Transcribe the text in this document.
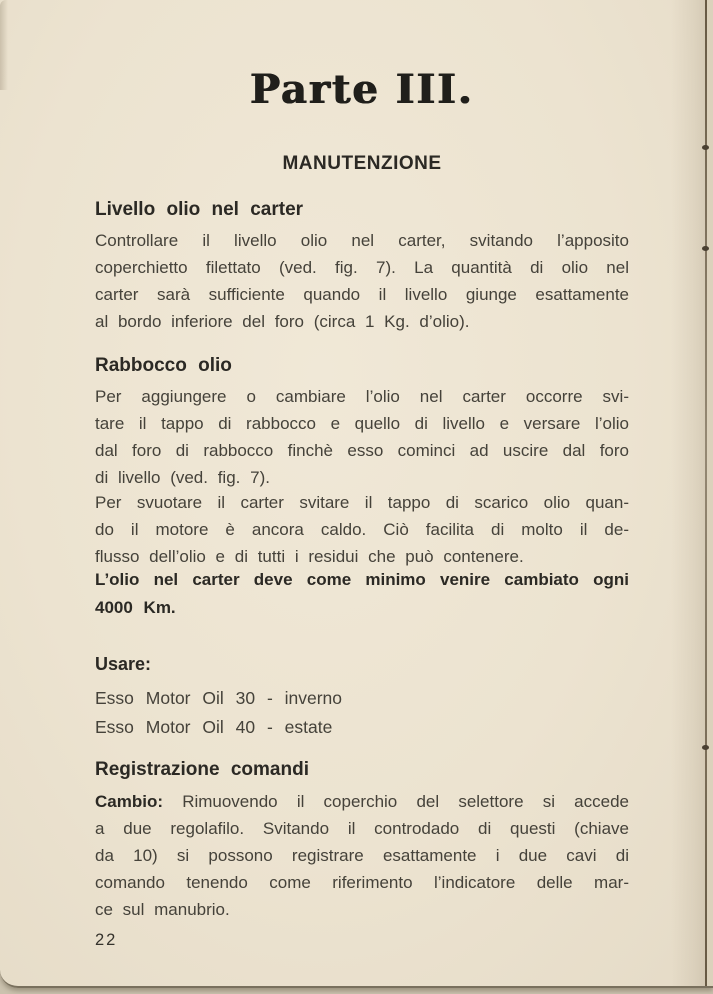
Parte III.
MANUTENZIONE
Livello olio nel carter
Controllare il livello olio nel carter, svitando l’apposito
coperchietto filettato (ved. fig. 7). La quantità di olio nel
carter sarà sufficiente quando il livello giunge esattamente
al bordo inferiore del foro (circa 1 Kg. d’olio).
Rabbocco olio
Per aggiungere o cambiare l’olio nel carter occorre svi-
tare il tappo di rabbocco e quello di livello e versare l’olio
dal foro di rabbocco finchè esso cominci ad uscire dal foro
di livello (ved. fig. 7).
Per svuotare il carter svitare il tappo di scarico olio quan-
do il motore è ancora caldo. Ciò facilita di molto il de-
flusso dell’olio e di tutti i residui che può contenere.
L’olio nel carter deve come minimo venire cambiato ogni
4000 Km.
Usare:
Esso Motor Oil 30 - inverno
Esso Motor Oil 40 - estate
Registrazione comandi
Cambio: Rimuovendo il coperchio del selettore si accede
a due regolafilo. Svitando il controdado di questi (chiave
da 10) si possono registrare esattamente i due cavi di
comando tenendo come riferimento l’indicatore delle mar-
ce sul manubrio.
22
